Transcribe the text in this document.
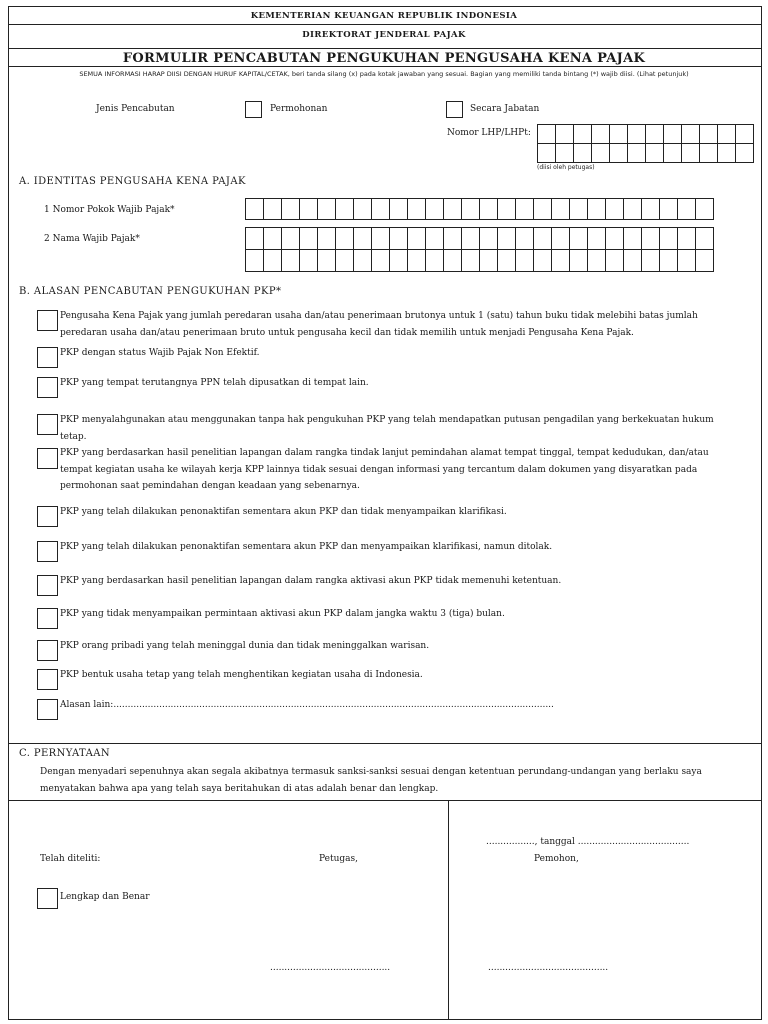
KEMENTERIAN KEUANGAN REPUBLIK INDONESIA
DIREKTORAT JENDERAL PAJAK
FORMULIR PENCABUTAN PENGUKUHAN PENGUSAHA KENA PAJAK
SEMUA INFORMASI HARAP DIISI DENGAN HURUF KAPITAL/CETAK, beri tanda silang (x) pada kotak jawaban yang sesuai. Bagian yang memiliki tanda bintang (*) wajib diisi. (Lihat petunjuk)
Jenis Pencabutan	Permohonan	Secara Jabatan
Nomor LHP/LHPt:
(diisi oleh petugas)
A. IDENTITAS PENGUSAHA KENA PAJAK
1 Nomor Pokok Wajib Pajak*
2 Nama Wajib Pajak*
B. ALASAN PENCABUTAN PENGUKUHAN PKP*
Pengusaha Kena Pajak yang jumlah peredaran usaha dan/atau penerimaan brutonya untuk 1 (satu) tahun buku tidak melebihi batas jumlah peredaran usaha dan/atau penerimaan bruto untuk pengusaha kecil dan tidak memilih untuk menjadi Pengusaha Kena Pajak.
PKP dengan status Wajib Pajak Non Efektif.
PKP yang tempat terutangnya PPN telah dipusatkan di tempat lain.
PKP menyalahgunakan atau menggunakan tanpa hak pengukuhan PKP yang telah mendapatkan putusan pengadilan yang berkekuatan hukum tetap.
PKP yang berdasarkan hasil penelitian lapangan dalam rangka tindak lanjut pemindahan alamat tempat tinggal, tempat kedudukan, dan/atau tempat kegiatan usaha ke wilayah kerja KPP lainnya tidak sesuai dengan informasi yang tercantum dalam dokumen yang disyaratkan pada permohonan saat pemindahan dengan keadaan yang sebenarnya.
PKP yang telah dilakukan penonaktifan sementara akun PKP dan tidak menyampaikan klarifikasi.
PKP yang telah dilakukan penonaktifan sementara akun PKP dan menyampaikan klarifikasi, namun ditolak.
PKP yang berdasarkan hasil penelitian lapangan dalam rangka aktivasi akun PKP tidak memenuhi ketentuan.
PKP yang tidak menyampaikan permintaan aktivasi akun PKP dalam jangka waktu 3 (tiga) bulan.
PKP orang pribadi yang telah meninggal dunia dan tidak meninggalkan warisan.
PKP bentuk usaha tetap yang telah menghentikan kegiatan usaha di Indonesia.
Alasan lain:..........................................................................................................................................................
C. PERNYATAAN
Dengan menyadari sepenuhnya akan segala akibatnya termasuk sanksi-sanksi sesuai dengan ketentuan perundang-undangan yang berlaku saya menyatakan bahwa apa yang telah saya beritahukan di atas adalah benar dan lengkap.
................., tanggal .......................................
Telah diteliti:	Petugas,	Pemohon,
Lengkap dan Benar
..........................................	..........................................
